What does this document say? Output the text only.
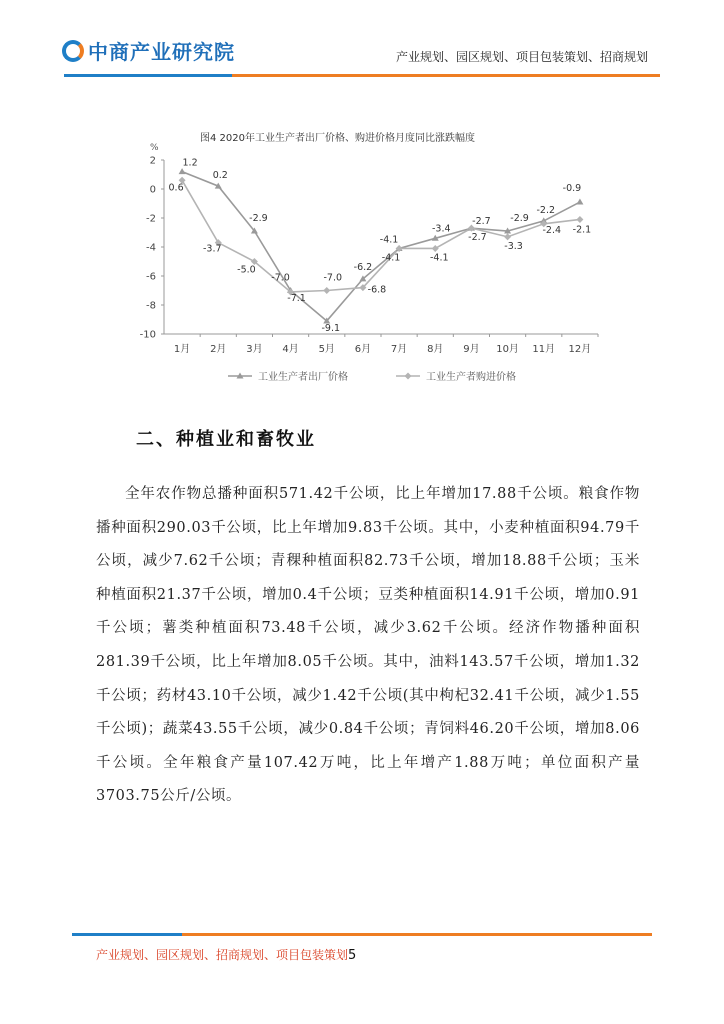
中商产业研究院	产业规划、园区规划、项目包装策划、招商规划
%
2
0
-2
-4
-6
-8
-10
1月 2月 3月 4月 5月 6月 7月 8月 9月 10月 11月 12月
1.2
0.2
-2.9
-7.0
-9.1
-6.2
-4.1
-3.4
-2.7 -2.9
-2.2
-0.9
0.6
-3.7
-5.0
-7.1
-7.0
-6.8
-4.1	-4.1
-2.7
-3.3
-2.4 -2.1
工业生产者出厂价格	工业生产者购进价格
图4 2020年工业生产者出厂价格、购进价格月度同比涨跌幅度
二、种植业和畜牧业
全年农作物总播种面积571.42千公顷，比上年增加17.88千公顷。粮食作物播种面积290.03千公顷，比上年增加9.83千公顷。其中，小麦种植面积94.79千公顷，减少7.62千公顷；青稞种植面积82.73千公顷，增加18.88千公顷；玉米种植面积21.37千公顷，增加0.4千公顷；豆类种植面积14.91千公顷，增加0.91千公顷；薯类种植面积73.48千公顷，减少3.62千公顷。经济作物播种面积281.39千公顷，比上年增加8.05千公顷。其中，油料143.57千公顷，增加1.32千公顷；药材43.10千公顷，减少1.42千公顷(其中枸杞32.41千公顷，减少1.55千公顷)；蔬菜43.55千公顷，减少0.84千公顷；青饲料46.20千公顷，增加8.06千公顷。全年粮食产量107.42万吨，比上年增产1.88万吨；单位面积产量3703.75公斤/公顷。
产业规划、园区规划、招商规划、项目包装策划5
